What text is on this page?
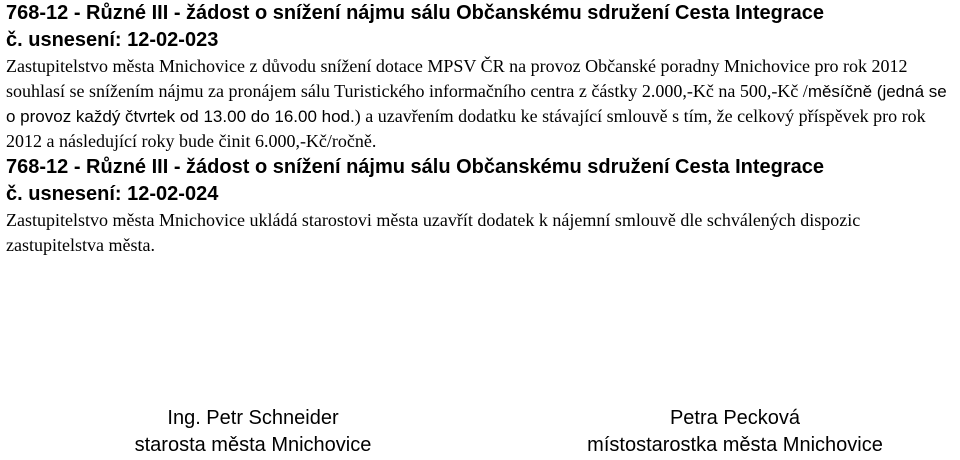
768-12 - Různé III - žádost o snížení nájmu sálu Občanskému sdružení Cesta Integrace
č. usnesení: 12-02-023

Zastupitelstvo města Mnichovice z důvodu snížení dotace MPSV ČR na provoz Občanské poradny Mnichovice pro rok 2012 souhlasí se snížením nájmu za pronájem sálu Turistického informačního centra z částky 2.000,-Kč na 500,-Kč /měsíčně (jedná se o provoz každý čtvrtek od 13.00 do 16.00 hod.) a uzavřením dodatku ke stávající smlouvě s tím, že celkový příspěvek pro rok 2012 a následující roky bude činit 6.000,-Kč/ročně.

768-12 - Různé III - žádost o snížení nájmu sálu Občanskému sdružení Cesta Integrace
č. usnesení: 12-02-024

Zastupitelstvo města Mnichovice ukládá starostovi města uzavřít dodatek k nájemní smlouvě dle schválených dispozic zastupitelstva města.

Ing. Petr Schneider
starosta města Mnichovice
Petra Pecková
místostarostka města Mnichovice
